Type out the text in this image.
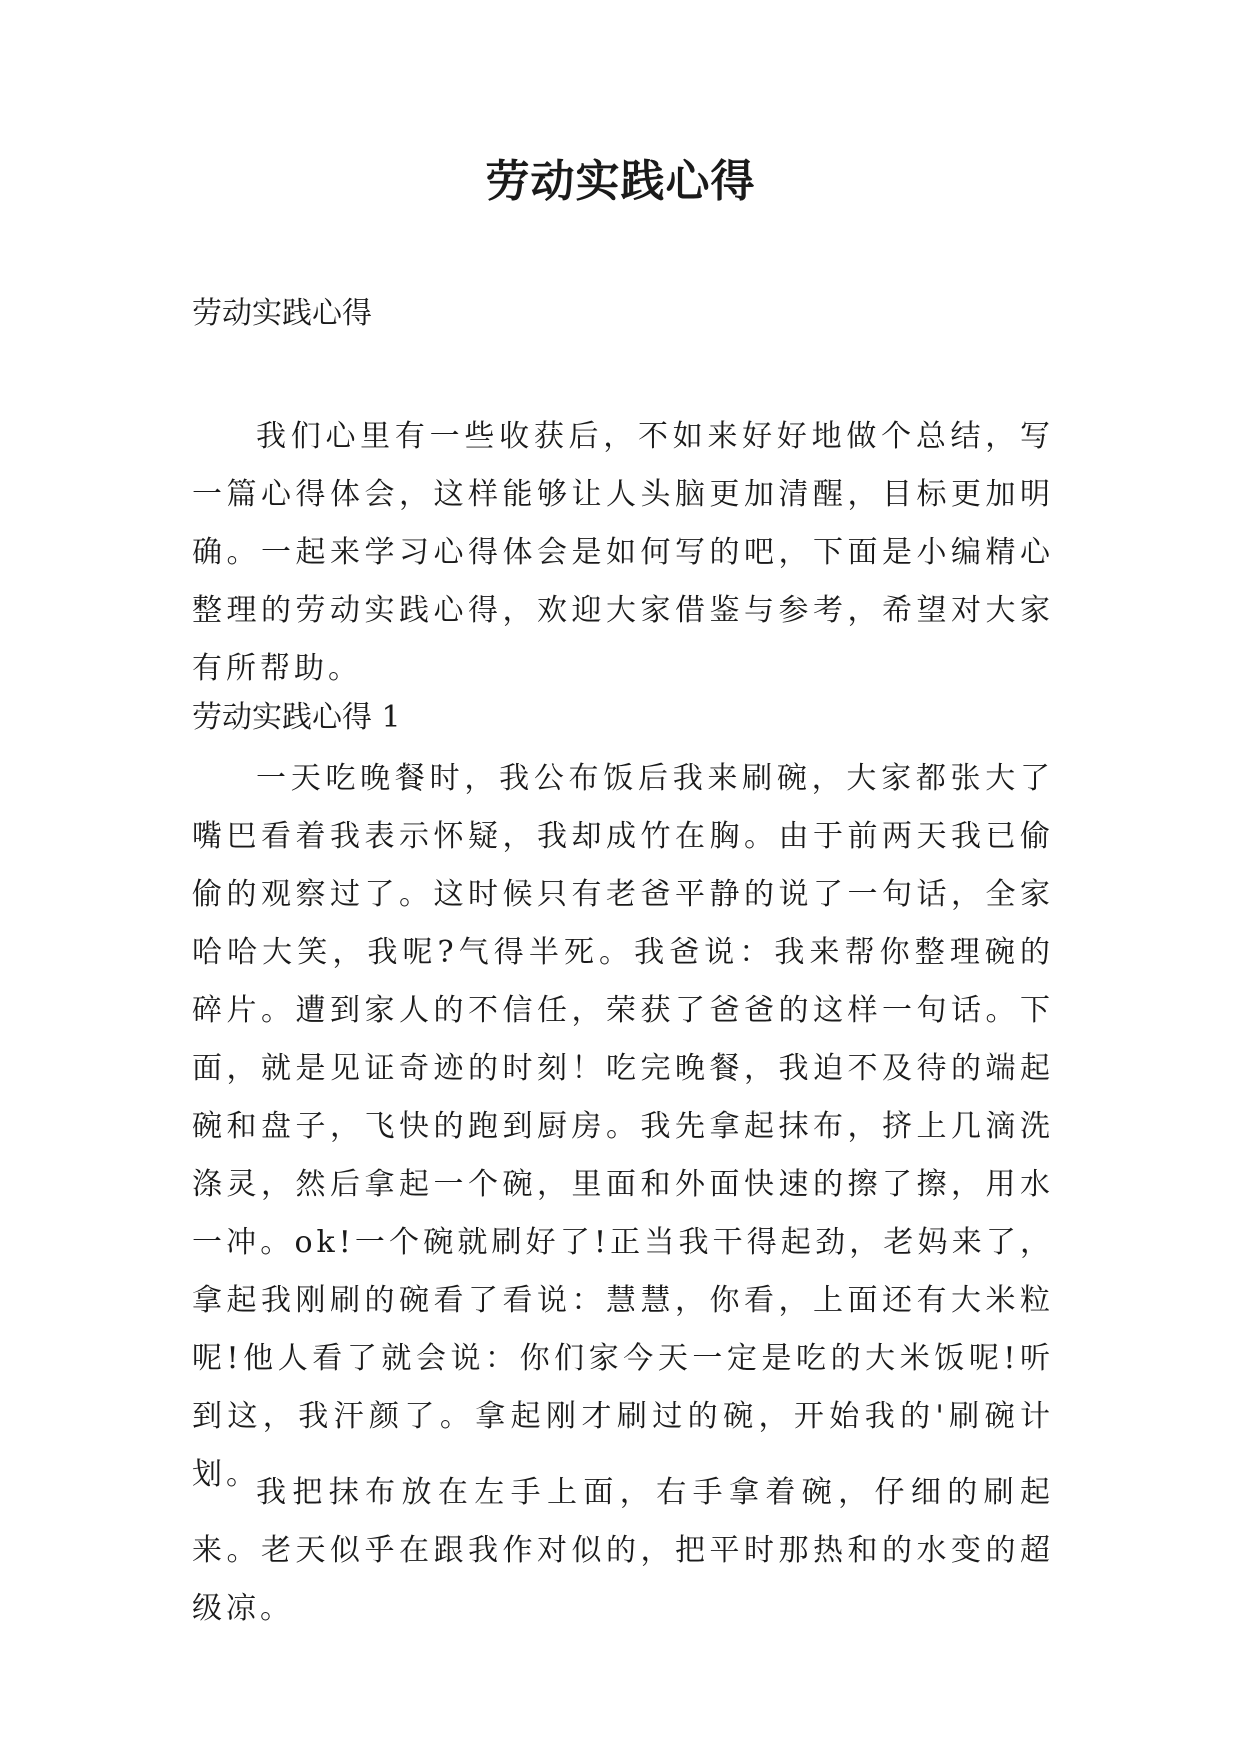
劳动实践心得
劳动实践心得

我们心里有一些收获后，不如来好好地做个总结，写一篇心得体会，这样能够让人头脑更加清醒，目标更加明确。一起来学习心得体会是如何写的吧，下面是小编精心整理的劳动实践心得，欢迎大家借鉴与参考，希望对大家有所帮助。

劳动实践心得 1

一天吃晚餐时，我公布饭后我来刷碗，大家都张大了嘴巴看着我表示怀疑，我却成竹在胸。由于前两天我已偷偷的观察过了。这时候只有老爸平静的说了一句话，全家哈哈大笑，我呢?气得半死。我爸说：我来帮你整理碗的碎片。遭到家人的不信任，荣获了爸爸的这样一句话。下面，就是见证奇迹的时刻！吃完晚餐，我迫不及待的端起碗和盘子，飞快的跑到厨房。我先拿起抹布，挤上几滴洗涤灵，然后拿起一个碗，里面和外面快速的擦了擦，用水一冲。ok!一个碗就刷好了!正当我干得起劲，老妈来了，拿起我刚刷的碗看了看说：慧慧，你看，上面还有大米粒呢!他人看了就会说：你们家今天一定是吃的大米饭呢!听到这，我汗颜了。拿起刚才刷过的碗，开始我的'刷碗计划。

我把抹布放在左手上面，右手拿着碗，仔细的刷起来。老天似乎在跟我作对似的，把平时那热和的水变的超级凉。
